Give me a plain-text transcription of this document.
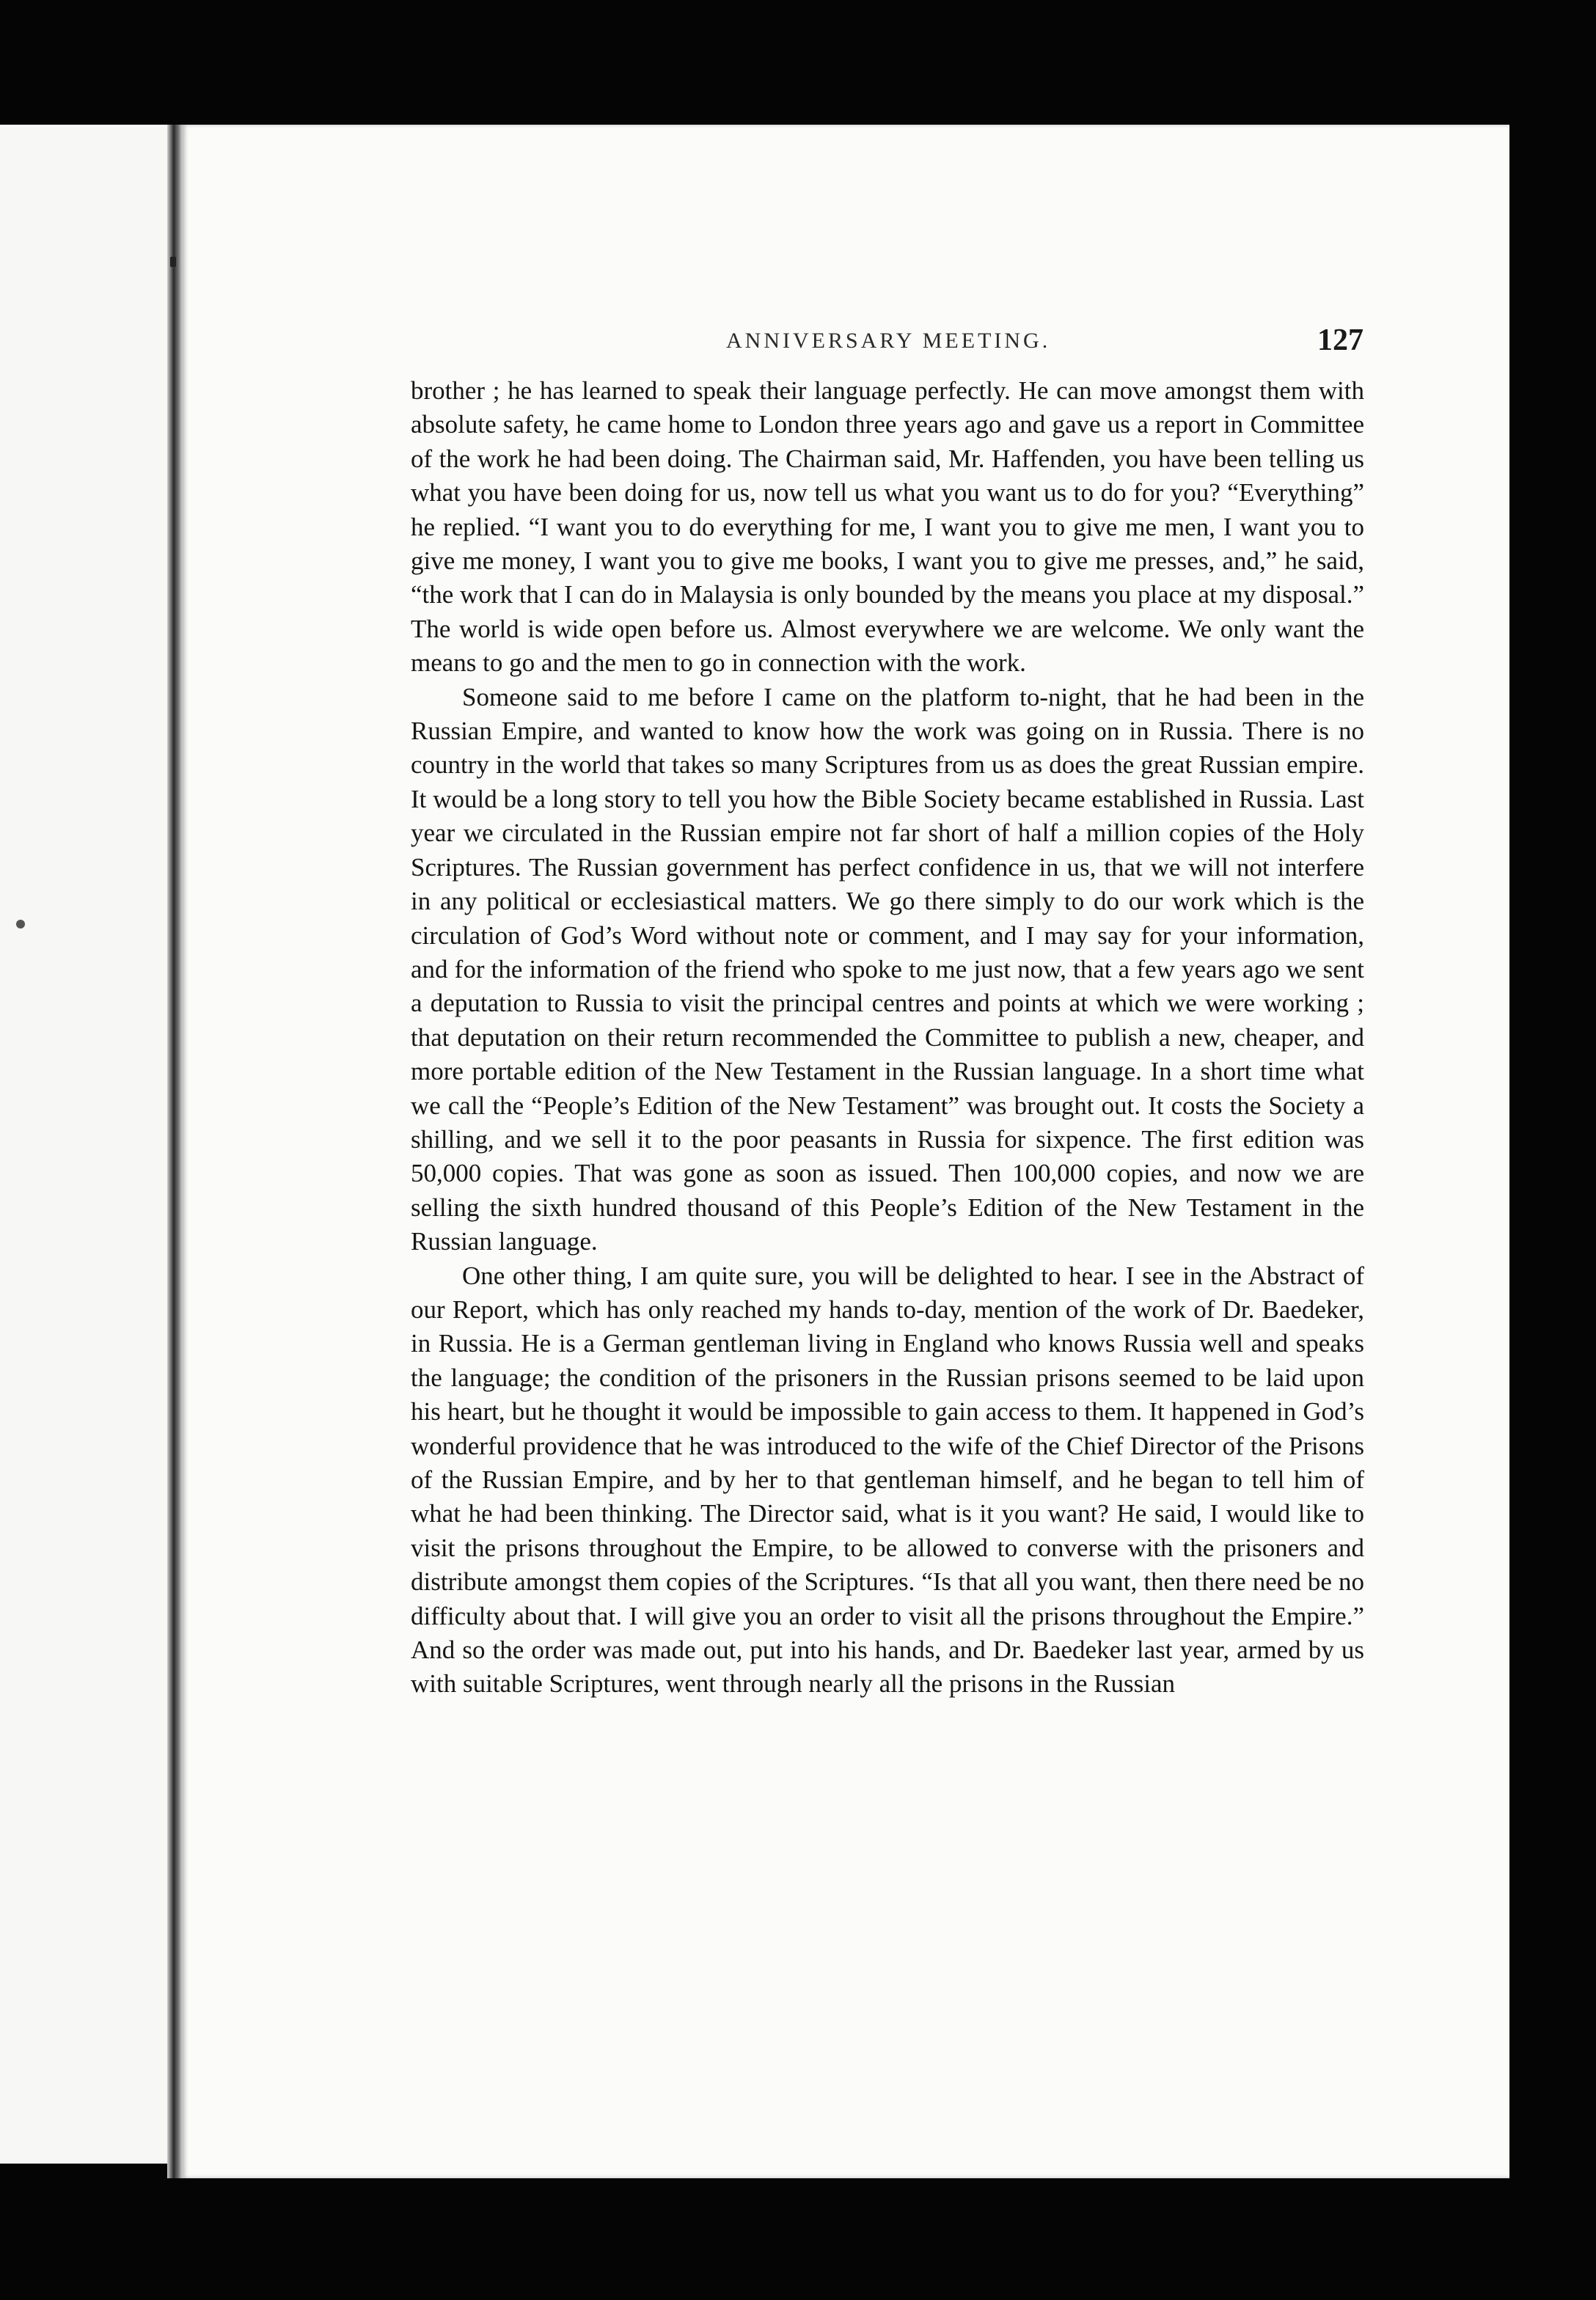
ANNIVERSARY MEETING.	127

brother ; he has learned to speak their language perfectly. He can move amongst them with absolute safety, he came home to London three years ago and gave us a report in Committee of the work he had been doing. The Chairman said, Mr. Haffenden, you have been telling us what you have been doing for us, now tell us what you want us to do for you? “Everything” he replied. “I want you to do everything for me, I want you to give me men, I want you to give me money, I want you to give me books, I want you to give me presses, and,” he said, “the work that I can do in Malaysia is only bounded by the means you place at my disposal.” The world is wide open before us. Almost everywhere we are welcome. We only want the means to go and the men to go in connection with the work.

Someone said to me before I came on the platform to-night, that he had been in the Russian Empire, and wanted to know how the work was going on in Russia. There is no country in the world that takes so many Scriptures from us as does the great Russian empire. It would be a long story to tell you how the Bible Society became established in Russia. Last year we circulated in the Russian empire not far short of half a million copies of the Holy Scriptures. The Russian government has perfect confidence in us, that we will not interfere in any political or ecclesiastical matters. We go there simply to do our work which is the circulation of God’s Word without note or comment, and I may say for your information, and for the information of the friend who spoke to me just now, that a few years ago we sent a deputation to Russia to visit the principal centres and points at which we were working ; that deputation on their return recommended the Committee to publish a new, cheaper, and more portable edition of the New Testament in the Russian language. In a short time what we call the “People’s Edition of the New Testament” was brought out. It costs the Society a shilling, and we sell it to the poor peasants in Russia for sixpence. The first edition was 50,000 copies. That was gone as soon as issued. Then 100,000 copies, and now we are selling the sixth hundred thousand of this People’s Edition of the New Testament in the Russian language.

One other thing, I am quite sure, you will be delighted to hear. I see in the Abstract of our Report, which has only reached my hands to-day, mention of the work of Dr. Baedeker, in Russia. He is a German gentleman living in England who knows Russia well and speaks the language; the condition of the prisoners in the Russian prisons seemed to be laid upon his heart, but he thought it would be impossible to gain access to them. It happened in God’s wonderful providence that he was introduced to the wife of the Chief Director of the Prisons of the Russian Empire, and by her to that gentleman himself, and he began to tell him of what he had been thinking. The Director said, what is it you want? He said, I would like to visit the prisons throughout the Empire, to be allowed to converse with the prisoners and distribute amongst them copies of the Scriptures. “Is that all you want, then there need be no difficulty about that. I will give you an order to visit all the prisons throughout the Empire.” And so the order was made out, put into his hands, and Dr. Baedeker last year, armed by us with suitable Scriptures, went through nearly all the prisons in the Russian
